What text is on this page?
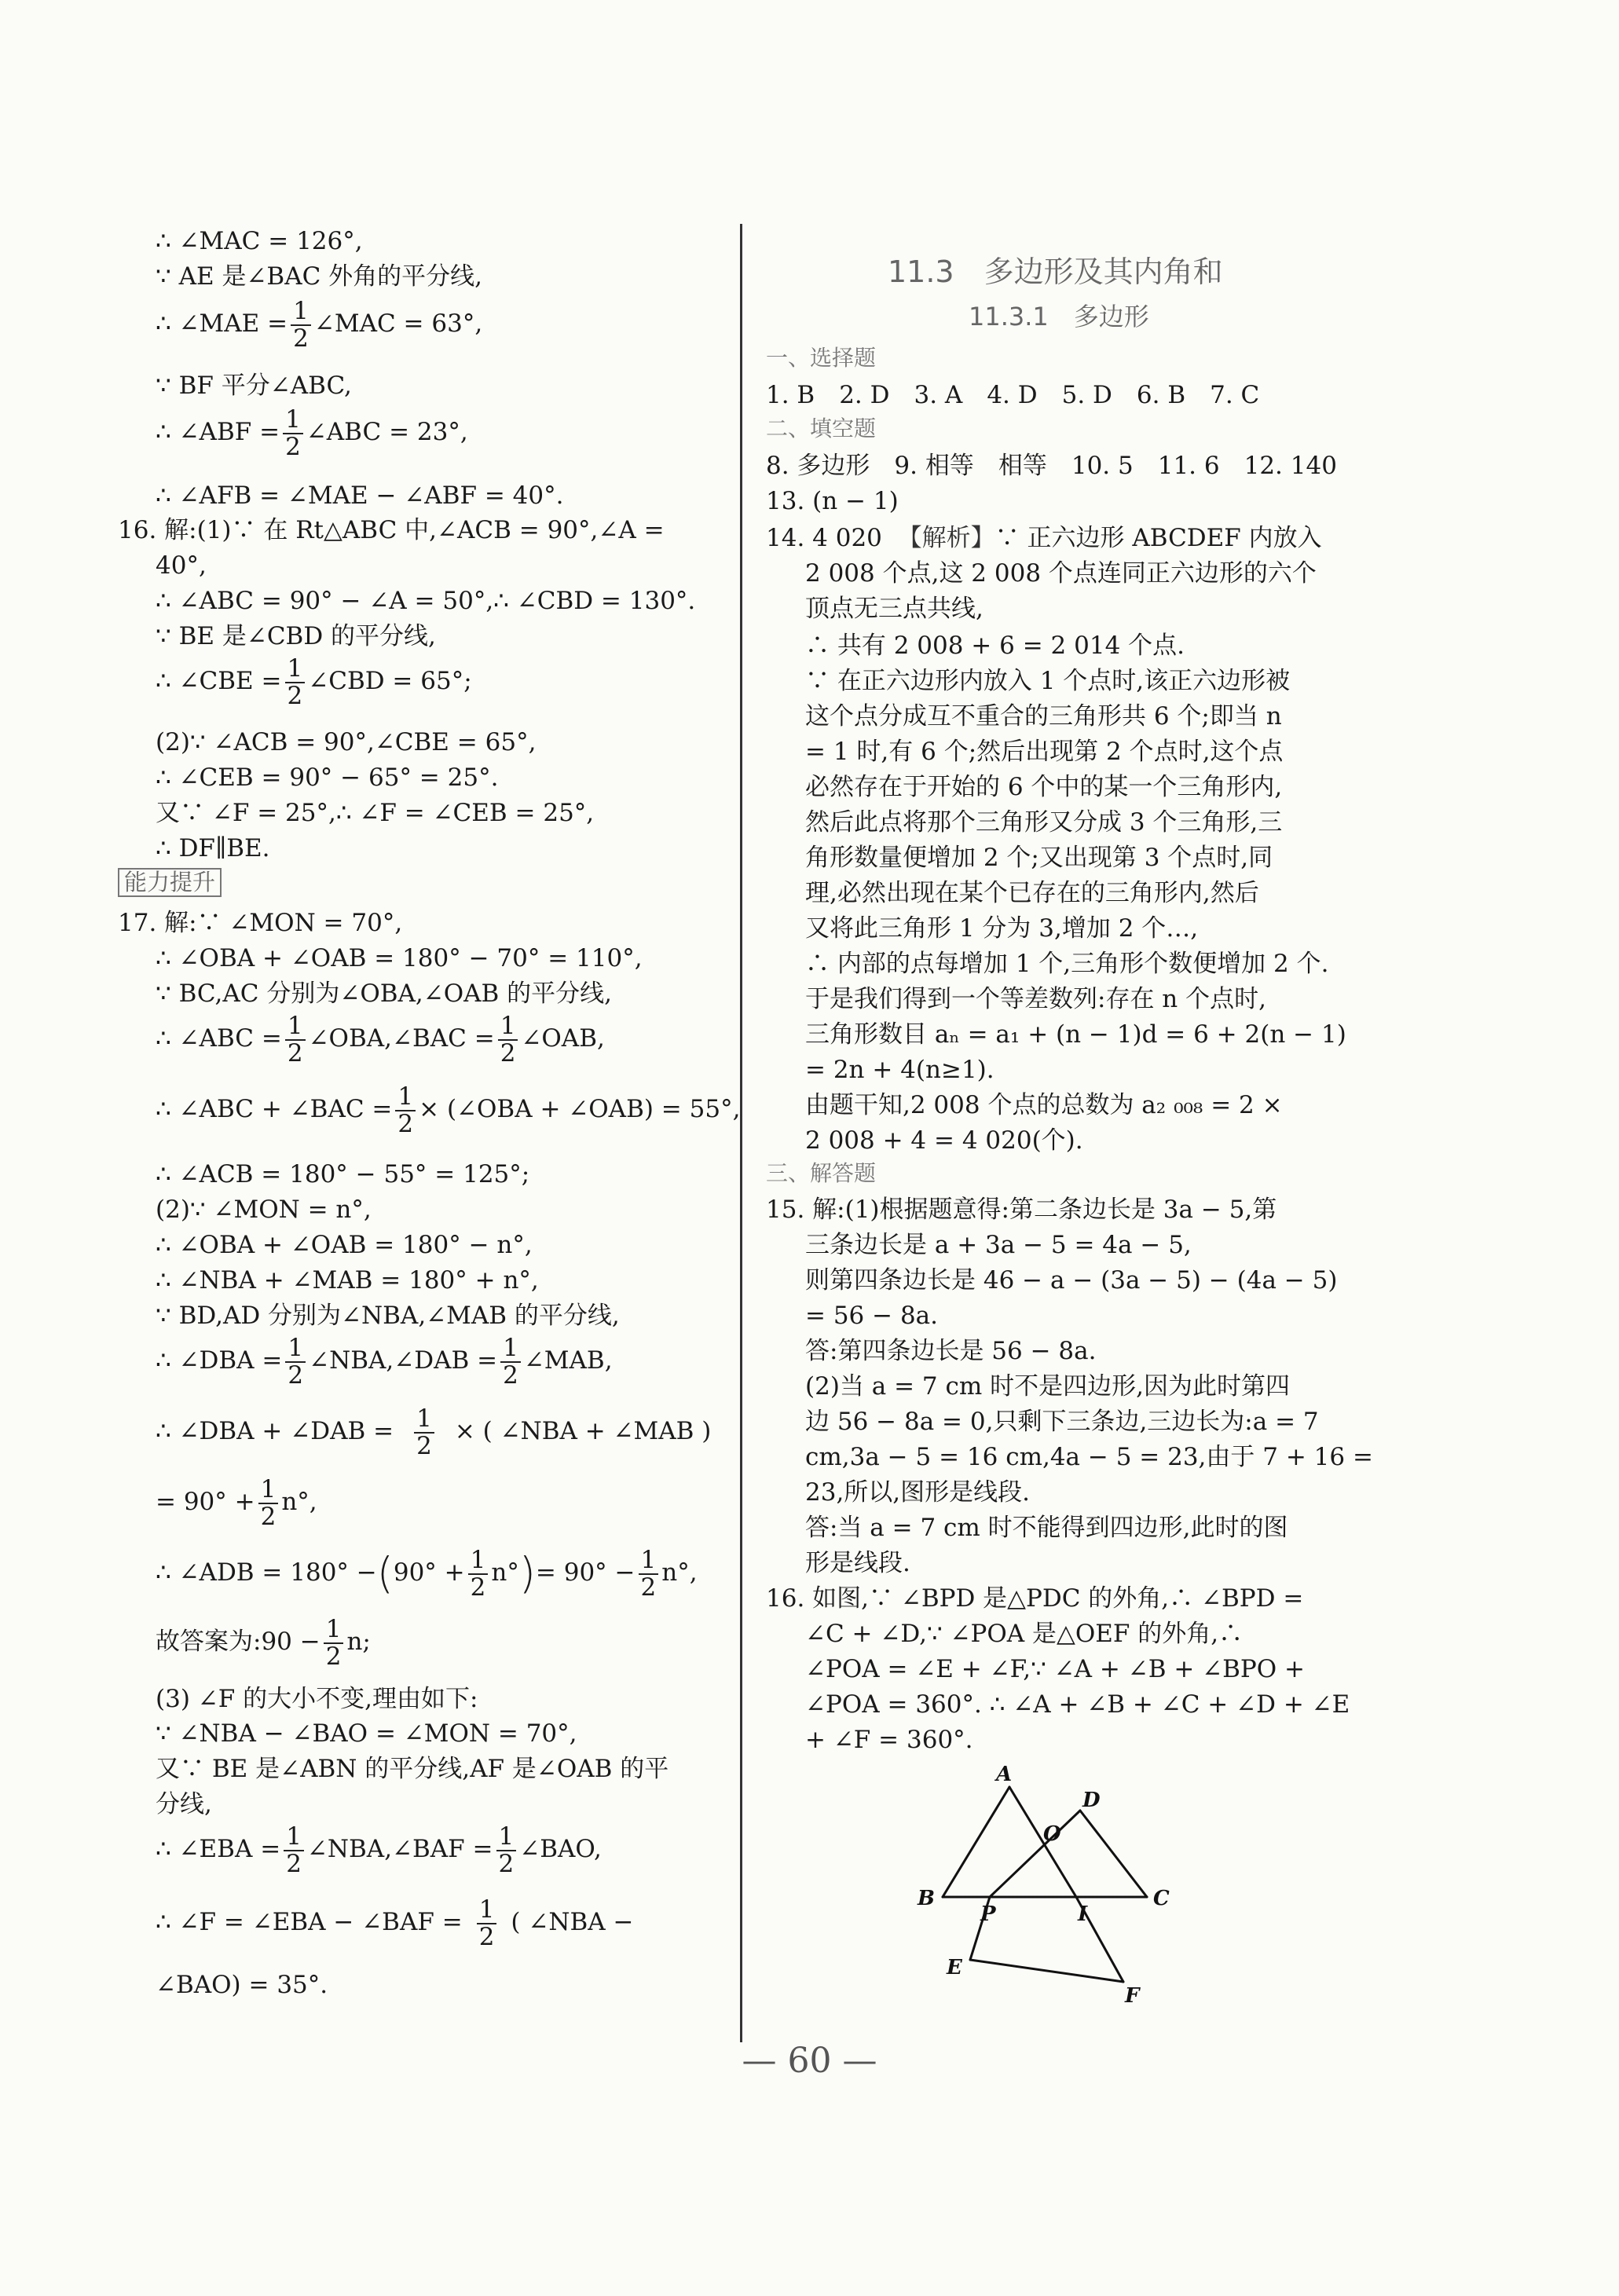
∴ ∠MAC = 126°,
∵ AE 是∠BAC 外角的平分线,
∴ ∠MAE = $\frac{1}{2}$ ∠MAC = 63°,
∵ BF 平分∠ABC,
∴ ∠ABF = $\frac{1}{2}$ ∠ABC = 23°,
∴ ∠AFB = ∠MAE − ∠ABF = 40°.
16. 解:(1)∵ 在 Rt△ABC 中,∠ACB = 90°,∠A =
40°,
∴ ∠ABC = 90° − ∠A = 50°,∴ ∠CBD = 130°.
∵ BE 是∠CBD 的平分线,
∴ ∠CBE = $\frac{1}{2}$ ∠CBD = 65°;
(2)∵ ∠ACB = 90°,∠CBE = 65°,
∴ ∠CEB = 90° − 65° = 25°.
又∵ ∠F = 25°,∴ ∠F = ∠CEB = 25°,
∴ DF∥BE.
能力提升
17. 解:∵ ∠MON = 70°,
∴ ∠OBA + ∠OAB = 180° − 70° = 110°,
∵ BC,AC 分别为∠OBA,∠OAB 的平分线,
∴ ∠ABC = $\frac{1}{2}$ ∠OBA,∠BAC = $\frac{1}{2}$ ∠OAB,
∴ ∠ABC + ∠BAC = $\frac{1}{2}$ × (∠OBA + ∠OAB) = 55°,
∴ ∠ACB = 180° − 55° = 125°;
(2)∵ ∠MON = n°,
∴ ∠OBA + ∠OAB = 180° − n°,
∴ ∠NBA + ∠MAB = 180° + n°,
∵ BD,AD 分别为∠NBA,∠MAB 的平分线,
∴ ∠DBA = $\frac{1}{2}$ ∠NBA,∠DAB = $\frac{1}{2}$ ∠MAB,
∴ ∠DBA + ∠DAB = $\frac{1}{2}$ × ( ∠NBA + ∠MAB )
= $90^\circ + \frac{1}{2} n^\circ$,
∴ ∠ADB = $180^\circ -(90^\circ + \frac{1}{2} n^\circ)= 90^\circ - \frac{1}{2} n^\circ$,
故答案为:90 − $\frac{1}{2} n$;
(3) ∠F 的大小不变,理由如下:
∵ ∠NBA − ∠BAO = ∠MON = 70°,
又∵ BE 是∠ABN 的平分线,AF 是∠OAB 的平
分线,
∴ ∠EBA = $\frac{1}{2}$ ∠NBA,∠BAF = $\frac{1}{2}$ ∠BAO,
∴ ∠F = ∠EBA − ∠BAF = $\frac{1}{2}$ ( ∠NBA −
∠BAO) = 35°.
11.3　多边形及其内角和
11.3.1　多边形
一、选择题
1. B　2. D　3. A　4. D　5. D　6. B　7. C
二、填空题
8. 多边形　9. 相等　相等　10. 5　11. 6　12. 140
13. (n − 1)
14. 4 020 【解析】∵ 正六边形 ABCDEF 内放入
2 008 个点,这 2 008 个点连同正六边形的六个
顶点无三点共线,
∴ 共有 2 008 + 6 = 2 014 个点.
∵ 在正六边形内放入 1 个点时,该正六边形被
这个点分成互不重合的三角形共 6 个;即当 n
= 1 时,有 6 个;然后出现第 2 个点时,这个点
必然存在于开始的 6 个中的某一个三角形内,
然后此点将那个三角形又分成 3 个三角形,三
角形数量便增加 2 个;又出现第 3 个点时,同
理,必然出现在某个已存在的三角形内,然后
又将此三角形 1 分为 3,增加 2 个…,
∴ 内部的点每增加 1 个,三角形个数便增加 2 个.
于是我们得到一个等差数列:存在 n 个点时,
三角形数目 aₙ = a₁ + (n − 1)d = 6 + 2(n − 1)
= 2n + 4(n≥1).
由题干知,2 008 个点的总数为 a₂ ₀₀₈ = 2 ×
2 008 + 4 = 4 020(个).
三、解答题
15. 解:(1)根据题意得:第二条边长是 3a − 5,第
三条边长是 a + 3a − 5 = 4a − 5,
则第四条边长是 46 − a − (3a − 5) − (4a − 5)
= 56 − 8a.
答:第四条边长是 56 − 8a.
(2)当 a = 7 cm 时不是四边形,因为此时第四
边 56 − 8a = 0,只剩下三条边,三边长为:a = 7
cm,3a − 5 = 16 cm,4a − 5 = 23,由于 7 + 16 =
23,所以,图形是线段.
答:当 a = 7 cm 时不能得到四边形,此时的图
形是线段.
16. 如图,∵ ∠BPD 是△PDC 的外角,∴ ∠BPD =
∠C + ∠D,∵ ∠POA 是△OEF 的外角,∴
∠POA = ∠E + ∠F,∵ ∠A + ∠B + ∠BPO +
∠POA = 360°. ∴ ∠A + ∠B + ∠C + ∠D + ∠E
+ ∠F = 360°.
A
D
O
B
P	I
C
E
F
— 60 —
